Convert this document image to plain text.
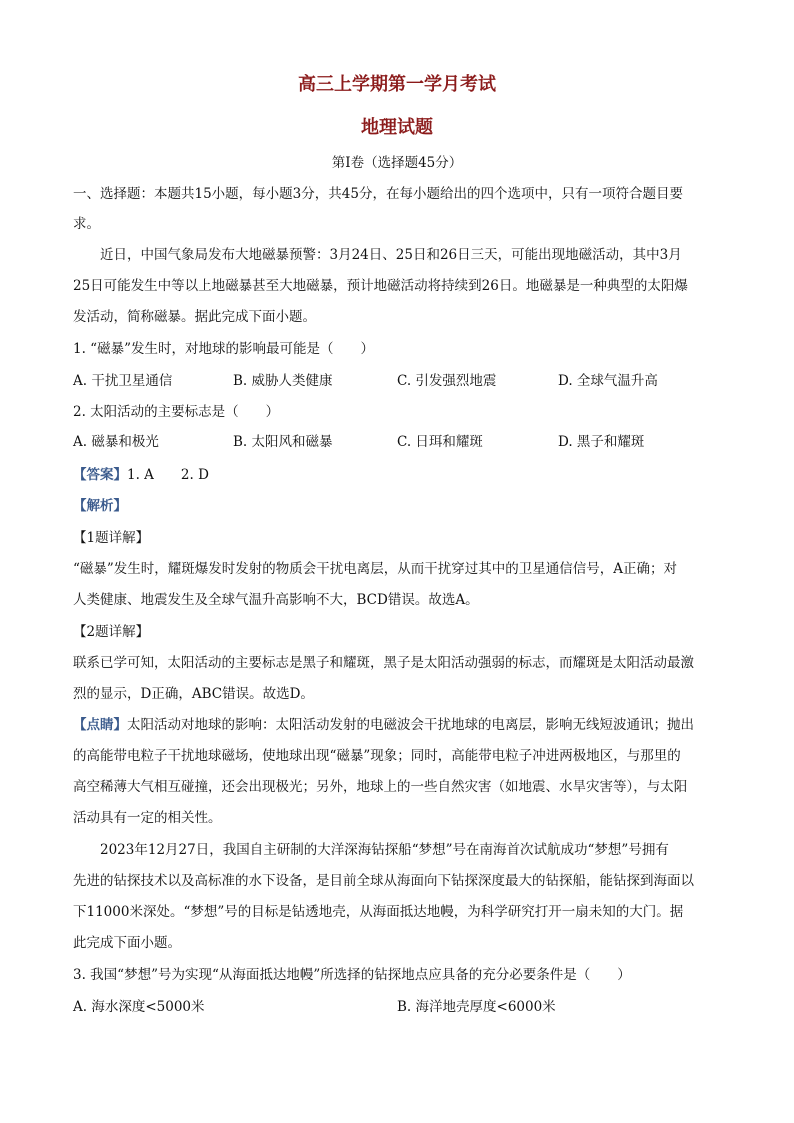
高三上学期第一学月考试
地理试题
第Ⅰ卷（选择题45分）
一、选择题：本题共15小题，每小题3分，共45分，在每小题给出的四个选项中，只有一项符合题目要
求。
近日，中国气象局发布大地磁暴预警：3月24日、25日和26日三天，可能出现地磁活动，其中3月
25日可能发生中等以上地磁暴甚至大地磁暴，预计地磁活动将持续到26日。地磁暴是一种典型的太阳爆
发活动，简称磁暴。据此完成下面小题。
1. “磁暴”发生时，对地球的影响最可能是（　　）
A. 干扰卫星通信	B. 威胁人类健康	C. 引发强烈地震	D. 全球气温升高
2. 太阳活动的主要标志是（　　）
A. 磁暴和极光	B. 太阳风和磁暴	C. 日珥和耀斑	D. 黑子和耀斑
【答案】1. A　　2. D
【解析】
【1题详解】
“磁暴”发生时，耀斑爆发时发射的物质会干扰电离层，从而干扰穿过其中的卫星通信信号，A正确；对
人类健康、地震发生及全球气温升高影响不大，BCD错误。故选A。
【2题详解】
联系已学可知，太阳活动的主要标志是黑子和耀斑，黑子是太阳活动强弱的标志，而耀斑是太阳活动最激
烈的显示，D正确，ABC错误。故选D。
【点睛】太阳活动对地球的影响：太阳活动发射的电磁波会干扰地球的电离层，影响无线短波通讯；抛出
的高能带电粒子干扰地球磁场，使地球出现“磁暴”现象；同时，高能带电粒子冲进两极地区，与那里的
高空稀薄大气相互碰撞，还会出现极光；另外，地球上的一些自然灾害（如地震、水旱灾害等），与太阳
活动具有一定的相关性。
2023年12月27日，我国自主研制的大洋深海钻探船“梦想”号在南海首次试航成功“梦想”号拥有
先进的钻探技术以及高标准的水下设备，是目前全球从海面向下钻探深度最大的钻探船，能钻探到海面以
下11000米深处。“梦想”号的目标是钻透地壳，从海面抵达地幔，为科学研究打开一扇未知的大门。据
此完成下面小题。
3. 我国“梦想”号为实现“从海面抵达地幔”所选择的钻探地点应具备的充分必要条件是（　　）
A. 海水深度<5000米	B. 海洋地壳厚度<6000米
